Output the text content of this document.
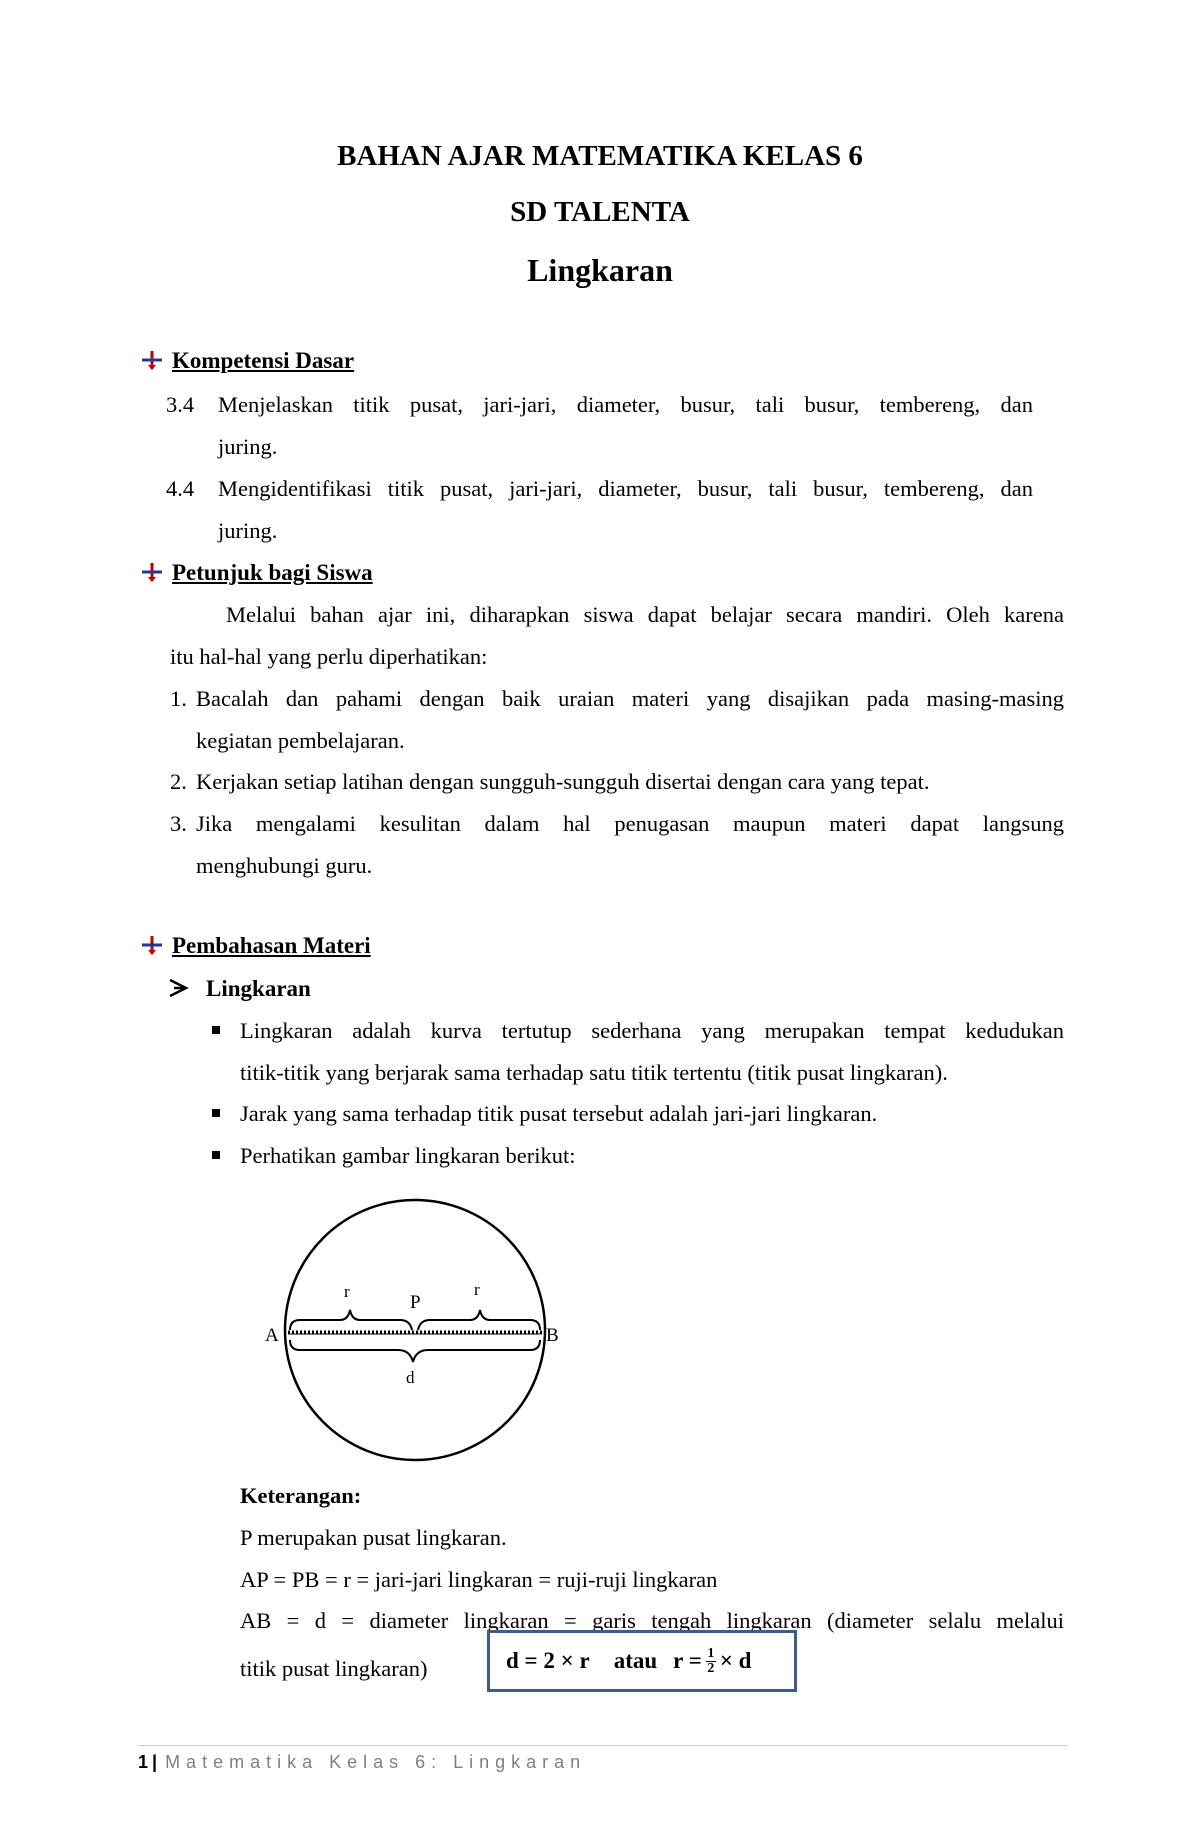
BAHAN AJAR MATEMATIKA KELAS 6
SD TALENTA
Lingkaran
Kompetensi Dasar
3.4 Menjelaskan titik pusat, jari-jari, diameter, busur, tali busur, tembereng, dan
juring.
4.4 Mengidentifikasi titik pusat, jari-jari, diameter, busur, tali busur, tembereng, dan
juring.
Petunjuk bagi Siswa
Melalui bahan ajar ini, diharapkan siswa dapat belajar secara mandiri. Oleh karena
itu hal-hal yang perlu diperhatikan:
1. Bacalah dan pahami dengan baik uraian materi yang disajikan pada masing-masing
kegiatan pembelajaran.
2. Kerjakan setiap latihan dengan sungguh-sungguh disertai dengan cara yang tepat.
3. Jika mengalami kesulitan dalam hal penugasan maupun materi dapat langsung
menghubungi guru.
Pembahasan Materi
Lingkaran
Lingkaran adalah kurva tertutup sederhana yang merupakan tempat kedudukan
titik-titik yang berjarak sama terhadap satu titik tertentu (titik pusat lingkaran).
Jarak yang sama terhadap titik pusat tersebut adalah jari-jari lingkaran.
Perhatikan gambar lingkaran berikut:
A	B
P
r	r
d
Keterangan:
P merupakan pusat lingkaran.
AP = PB = r = jari-jari lingkaran = ruji-ruji lingkaran
AB = d = diameter lingkaran = garis tengah lingkaran (diameter selalu melalui
titik pusat lingkaran)	d = 2 × r atau $r = \frac{1}{2} \times d$
1 | Matematika Kelas 6: Lingkaran
